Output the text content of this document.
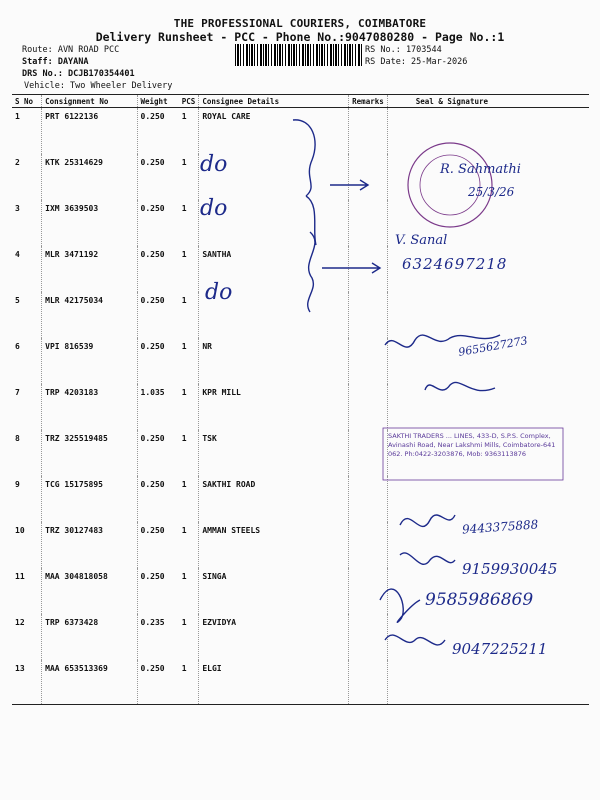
THE PROFESSIONAL COURIERS, COIMBATORE
Delivery Runsheet - PCC - Phone No.:9047080280 - Page No.:1
Route: AVN ROAD PCC
Staff: DAYANA
DRS No.: DCJB170354401
Vehicle: Two Wheeler Delivery
RS No.: 1703544
RS Date: 25-Mar-2026
S No	Consignment No	Weight	PCS	Consignee Details	Remarks	Seal & Signature
1	PRT 6122136	0.250	1	ROYAL CARE		
2	KTK 25314629	0.250	1			
3	IXM 3639503	0.250	1			
4	MLR 3471192	0.250	1	SANTHA		
5	MLR 42175034	0.250	1			
6	VPI 816539	0.250	1	NR		
7	TRP 4203183	1.035	1	KPR MILL		
8	TRZ 325519485	0.250	1	TSK		
9	TCG 15175895	0.250	1	SAKTHI ROAD		
10	TRZ 30127483	0.250	1	AMMAN STEELS		
11	MAA 304818058	0.250	1	SINGA		
12	TRP 6373428	0.235	1	EZVIDYA		
13	MAA 653513369	0.250	1	ELGI		
do
do
do
R. Sahmathi
25/3/26
V. Sanal
6324697218
9655627273
SAKTHI TRADERS ... LINES, 433-D, S.P.S. Complex, Avinashi Road, Near Lakshmi Mills, Coimbatore-641 062. Ph:0422-3203876, Mob: 9363113876
9443375888
9159930045
9585986869
9047225211
